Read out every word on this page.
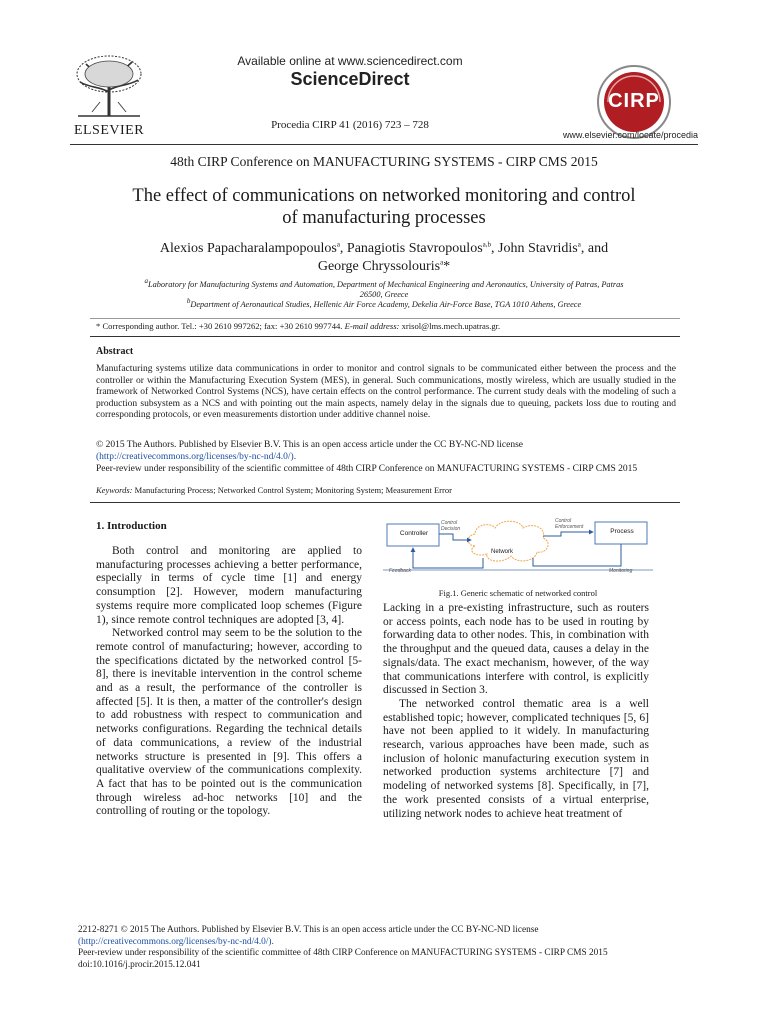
ELSEVIER
Available online at www.sciencedirect.com
ScienceDirect
Procedia CIRP 41 (2016) 723 – 728
CIRP
www.elsevier.com/locate/procedia
48th CIRP Conference on MANUFACTURING SYSTEMS - CIRP CMS 2015
The effect of communications on networked monitoring and control
of manufacturing processes
Alexios Papacharalampopoulos$^a$, Panagiotis Stavropoulos$^{a,b}$, John Stavridis$^a$, and
George Chryssolouris$^a$*
$^a$Laboratory for Manufacturing Systems and Automation, Department of Mechanical Engineering and Aeronautics, University of Patras, Patras
26500, Greece
$^b$Department of Aeronautical Studies, Hellenic Air Force Academy, Dekelia Air-Force Base, TGA 1010 Athens, Greece
* Corresponding author. Tel.: +30 2610 997262; fax: +30 2610 997744. E-mail address: xrisol@lms.mech.upatras.gr.
Abstract
Manufacturing systems utilize data communications in order to monitor and control signals to be communicated either between the process and the controller or within the Manufacturing Execution System (MES), in general. Such communications, mostly wireless, which are usually studied in the framework of Networked Control Systems (NCS), have certain effects on the control performance. The current study deals with the modeling of such a production subsystem as a NCS and with pointing out the main aspects, namely delay in the signals due to queuing, packets loss due to routing and corresponding protocols, or even measurements distortion under additive channel noise.
© 2015 The Authors. Published by Elsevier B.V. This is an open access article under the CC BY-NC-ND license
(http://creativecommons.org/licenses/by-nc-nd/4.0/).
Peer-review under responsibility of the scientific committee of 48th CIRP Conference on MANUFACTURING SYSTEMS - CIRP CMS 2015
Keywords: Manufacturing Process; Networked Control System; Monitoring System; Measurement Error
1. Introduction

Both control and monitoring are applied to manufacturing processes achieving a better performance, especially in terms of cycle time [1] and energy consumption [2]. However, modern manufacturing systems require more complicated loop schemes (Figure 1), since remote control techniques are adopted [3, 4].

Networked control may seem to be the solution to the remote control of manufacturing; however, according to the specifications dictated by the networked control [5-8], there is inevitable intervention in the control scheme and as a result, the performance of the controller is affected [5]. It is then, a matter of the controller's design to add robustness with respect to communication and networks configurations. Regarding the technical details of data communications, a review of the industrial networks structure is presented in [9]. This offers a qualitative overview of the communications complexity. A fact that has to be pointed out is the communication through wireless ad-hoc networks [10] and the controlling of routing or the topology.

Controller	Process
Network
Control
Decision
Control
Enforcement
Feedback	Monitoring
Fig.1. Generic schematic of networked control

Lacking in a pre-existing infrastructure, such as routers or access points, each node has to be used in routing by forwarding data to other nodes. This, in combination with the throughput and the queued data, causes a delay in the signals/data. The exact mechanism, however, of the way that communications interfere with control, is explicitly discussed in Section 3.

The networked control thematic area is a well established topic; however, complicated techniques [5, 6] have not been applied to it widely. In manufacturing research, various approaches have been made, such as inclusion of holonic manufacturing execution system in networked production systems architecture [7] and modeling of networked systems [8]. Specifically, in [7], the work presented consists of a virtual enterprise, utilizing network nodes to achieve heat treatment of

2212-8271 © 2015 The Authors. Published by Elsevier B.V. This is an open access article under the CC BY-NC-ND license
(http://creativecommons.org/licenses/by-nc-nd/4.0/).
Peer-review under responsibility of the scientific committee of 48th CIRP Conference on MANUFACTURING SYSTEMS - CIRP CMS 2015
doi:10.1016/j.procir.2015.12.041
